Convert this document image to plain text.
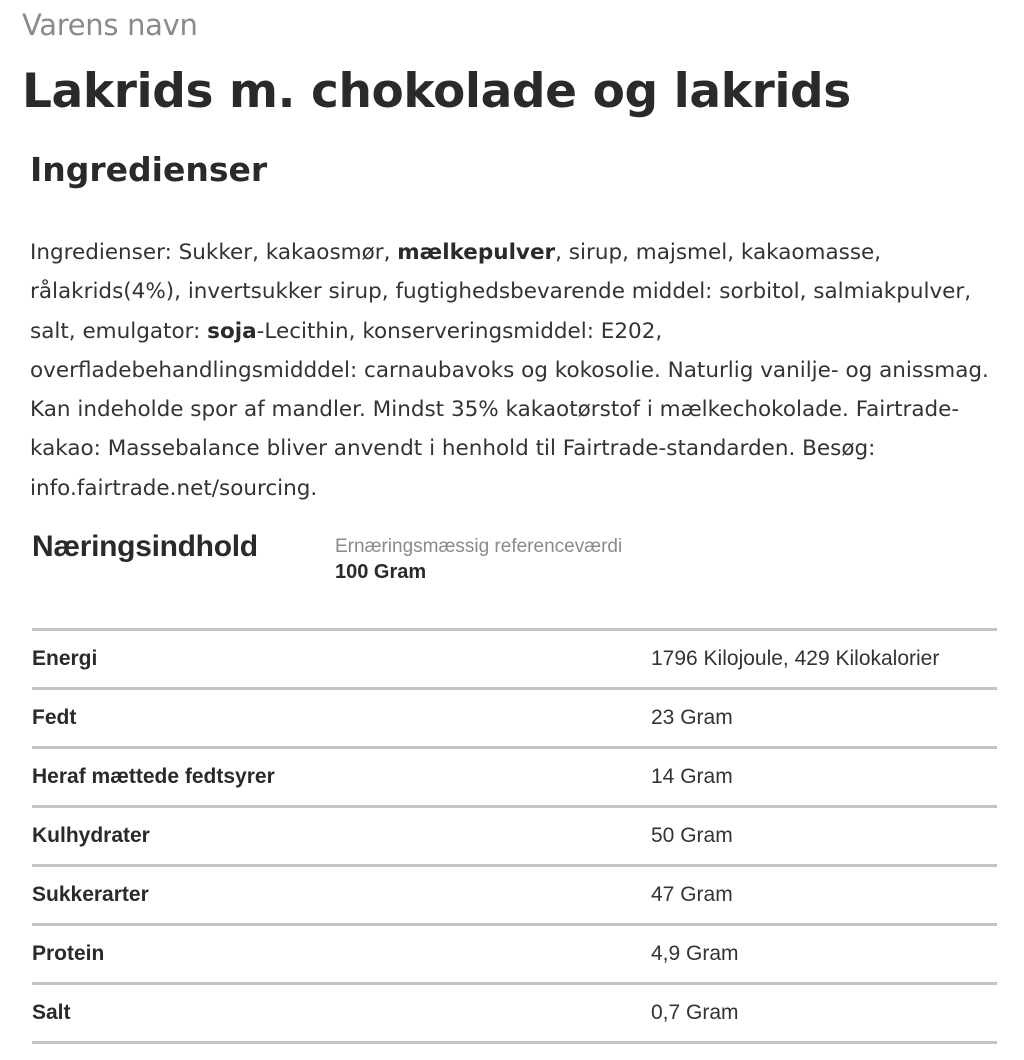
Varens navn
Lakrids m. chokolade og lakrids
Ingredienser

Ingredienser: Sukker, kakaosmør, mælkepulver, sirup, majsmel, kakaomasse, rålakrids(4%), invertsukker sirup, fugtighedsbevarende middel: sorbitol, salmiakpulver, salt, emulgator: soja-Lecithin, konserveringsmiddel: E202, overfladebehandlingsmidddel: carnaubavoks og kokosolie. Naturlig vanilje- og anissmag. Kan indeholde spor af mandler. Mindst 35% kakaotørstof i mælkechokolade. Fairtrade-kakao: Massebalance bliver anvendt i henhold til Fairtrade-standarden. Besøg: info.fairtrade.net/sourcing.

Næringsindhold	Ernæringsmæssig referenceværdi
100 Gram
Energi	1796 Kilojoule, 429 Kilokalorier
Fedt	23 Gram
Heraf mættede fedtsyrer	14 Gram
Kulhydrater	50 Gram
Sukkerarter	47 Gram
Protein	4,9 Gram
Salt	0,7 Gram
